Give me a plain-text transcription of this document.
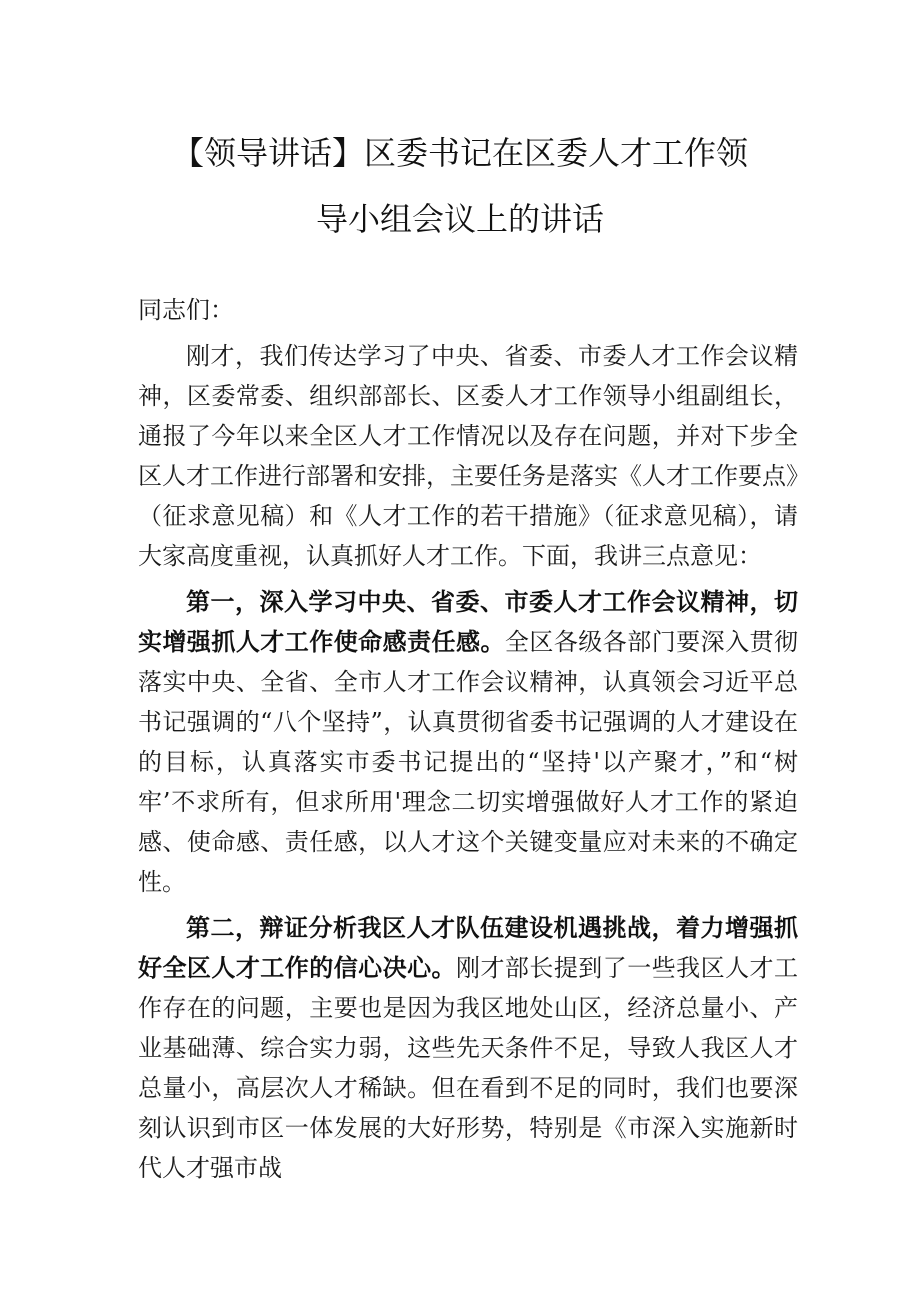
【领导讲话】区委书记在区委人才工作领
导小组会议上的讲话

同志们：

刚才，我们传达学习了中央、省委、市委人才工作会议精神，区委常委、组织部部长、区委人才工作领导小组副组长，通报了今年以来全区人才工作情况以及存在问题，并对下步全区人才工作进行部署和安排，主要任务是落实《人才工作要点》（征求意见稿）和《人才工作的若干措施》（征求意见稿），请大家高度重视，认真抓好人才工作。下面，我讲三点意见：

第一，深入学习中央、省委、市委人才工作会议精神，切实增强抓人才工作使命感责任感。全区各级各部门要深入贯彻落实中央、全省、全市人才工作会议精神，认真领会习近平总书记强调的“八个坚持”，认真贯彻省委书记强调的人才建设在的目标，认真落实市委书记提出的“坚持'以产聚才，”和“树牢’不求所有，但求所用'理念二切实增强做好人才工作的紧迫感、使命感、责任感，以人才这个关键变量应对未来的不确定性。

第二，辩证分析我区人才队伍建设机遇挑战，着力增强抓好全区人才工作的信心决心。刚才部长提到了一些我区人才工作存在的问题，主要也是因为我区地处山区，经济总量小、产业基础薄、综合实力弱，这些先天条件不足，导致人我区人才总量小，高层次人才稀缺。但在看到不足的同时，我们也要深刻认识到市区一体发展的大好形势，特别是《市深入实施新时代人才强市战
